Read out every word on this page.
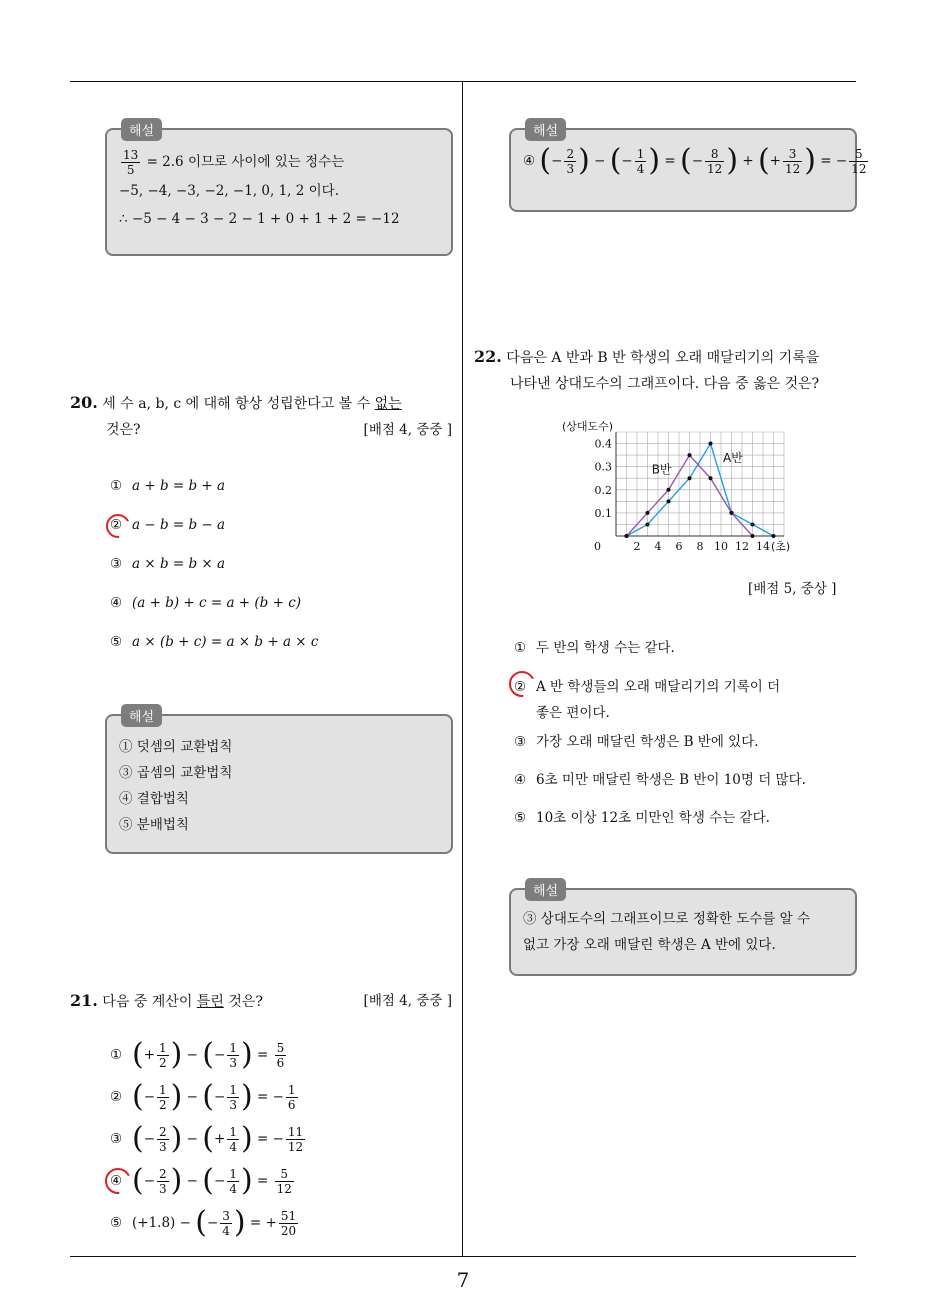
7
해설
$\frac{13}{5} = 2.6$ 이므로 사이에 있는 정수는
−5, −4, −3, −2, −1, 0, 1, 2 이다.
∴ −5 − 4 − 3 − 2 − 1 + 0 + 1 + 2 = −12
20. 세 수 a, b, c 에 대해 항상 성립한다고 볼 수 없는
것은?	[배점 4, 중중 ]
① a + b = b + a
② a − b = b − a
③ a × b = b × a
④ (a + b) + c = a + (b + c)
⑤ a × (b + c) = a × b + a × c
해설
① 덧셈의 교환법칙
③ 곱셈의 교환법칙
④ 결합법칙
⑤ 분배법칙
21. 다음 중 계산이 틀린 것은?	[배점 4, 중중 ]
① ( + $\frac{1}{2}$ ) − ( − $\frac{1}{3}$ ) = $\frac{5}{6}$
② ( − $\frac{1}{2}$ ) − ( − $\frac{1}{3}$ ) = − $\frac{1}{6}$
③ ( − $\frac{2}{3}$ ) − ( + $\frac{1}{4}$ ) = − $\frac{11}{12}$
④ ( − $\frac{2}{3}$ ) − ( − $\frac{1}{4}$ ) = $\frac{5}{12}$
⑤ (+1.8) −
( − $\frac{3}{4}$ ) = + $\frac{51}{20}$
해설
④
( − $\frac{2}{3}$ ) − ( − $\frac{1}{4}$ ) = ( − $\frac{8}{12}$ ) + ( + $\frac{3}{12}$ ) = − $\frac{5}{12}$
22. 다음은 A 반과 B 반 학생의 오래 매달리기의 기록을
나타낸 상대도수의 그래프이다. 다음 중 옳은 것은?
(상대도수)
0
0.1
0.2
0.3
0.4
2 4 6 8 10 12 14 (초)
A반
B반
[배점 5, 중상 ]
① 두 반의 학생 수는 같다.
② A 반 학생들의 오래 매달리기의 기록이 더
좋은 편이다.
③ 가장 오래 매달린 학생은 B 반에 있다.
④ 6초 미만 매달린 학생은 B 반이 10명 더 많다.
⑤ 10초 이상 12초 미만인 학생 수는 같다.
해설
③ 상대도수의 그래프이므로 정확한 도수를 알 수
없고 가장 오래 매달린 학생은 A 반에 있다.
